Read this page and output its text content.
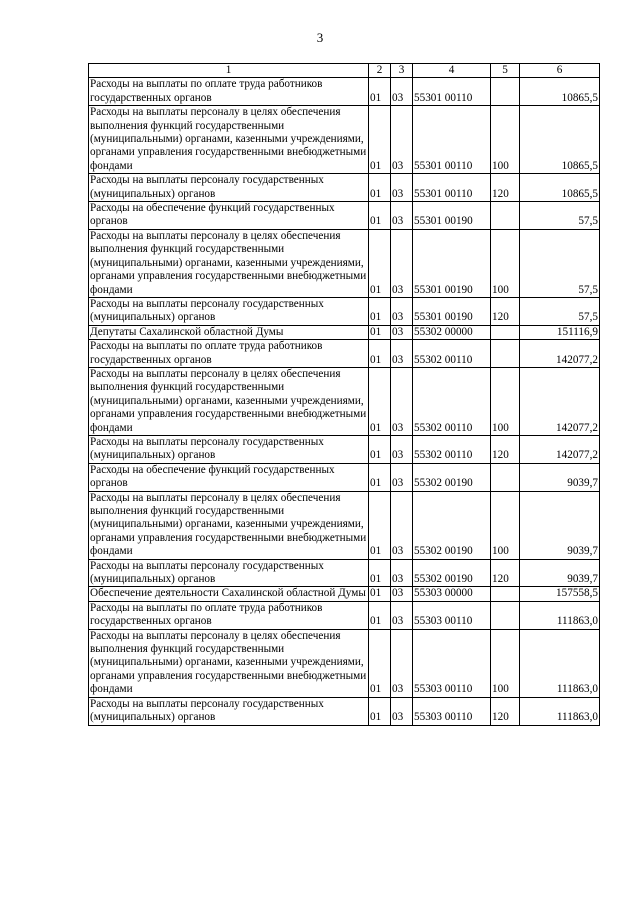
3
1	2	3	4	5	6
Расходы на выплаты по оплате труда работников государственных органов	01	03	55301 00110		10865,5
Расходы на выплаты персоналу в целях обеспечения выполнения функций государственными (муниципальными) органами, казенными учреждениями, органами управления государственными внебюджетными фондами	01	03	55301 00110	100	10865,5
Расходы на выплаты персоналу государственных (муниципальных) органов	01	03	55301 00110	120	10865,5
Расходы на обеспечение функций государственных органов	01	03	55301 00190		57,5
Расходы на выплаты персоналу в целях обеспечения выполнения функций государственными (муниципальными) органами, казенными учреждениями, органами управления государственными внебюджетными фондами	01	03	55301 00190	100	57,5
Расходы на выплаты персоналу государственных (муниципальных) органов	01	03	55301 00190	120	57,5
Депутаты Сахалинской областной Думы	01	03	55302 00000		151116,9
Расходы на выплаты по оплате труда работников государственных органов	01	03	55302 00110		142077,2
Расходы на выплаты персоналу в целях обеспечения выполнения функций государственными (муниципальными) органами, казенными учреждениями, органами управления государственными внебюджетными фондами	01	03	55302 00110	100	142077,2
Расходы на выплаты персоналу государственных (муниципальных) органов	01	03	55302 00110	120	142077,2
Расходы на обеспечение функций государственных органов	01	03	55302 00190		9039,7
Расходы на выплаты персоналу в целях обеспечения выполнения функций государственными (муниципальными) органами, казенными учреждениями, органами управления государственными внебюджетными фондами	01	03	55302 00190	100	9039,7
Расходы на выплаты персоналу государственных (муниципальных) органов	01	03	55302 00190	120	9039,7
Обеспечение деятельности Сахалинской областной Думы	01	03	55303 00000		157558,5
Расходы на выплаты по оплате труда работников государственных органов	01	03	55303 00110		111863,0
Расходы на выплаты персоналу в целях обеспечения выполнения функций государственными (муниципальными) органами, казенными учреждениями, органами управления государственными внебюджетными фондами	01	03	55303 00110	100	111863,0
Расходы на выплаты персоналу государственных (муниципальных) органов	01	03	55303 00110	120	111863,0
